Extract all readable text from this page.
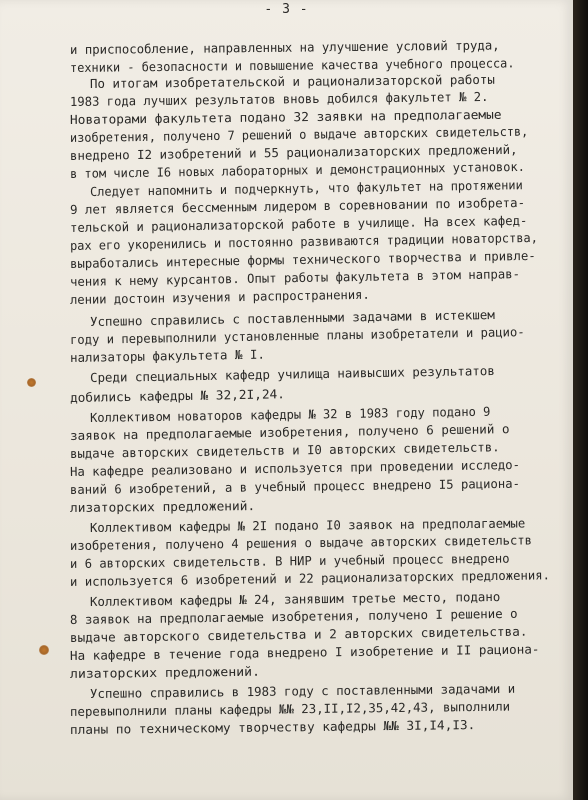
- 3 -
и приспособление, направленных на улучшение условий труда,
техники - безопасности и повышение качества учебного процесса.
По итогам изобретательской и рационализаторской работы
1983 года лучших результатов вновь добился факультет № 2.
Новаторами факультета подано 32 заявки на предполагаемые
изобретения, получено 7 решений о выдаче авторских свидетельств,
внедрено I2 изобретений и 55 рационализаторских предложений,
в том числе I6 новых лабораторных и демонстрационных установок.
Следует напомнить и подчеркнуть, что факультет на протяжении
9 лет является бессменным лидером в соревновании по изобрета-
тельской и рационализаторской работе в училище. На всех кафед-
рах его укоренились и постоянно развиваются традиции новаторства,
выработались интересные формы технического творчества и привле-
чения к нему курсантов. Опыт работы факультета в этом направ-
лении достоин изучения и распространения.
Успешно справились с поставленными задачами в истекшем
году и перевыполнили установленные планы изобретатели и рацио-
нализаторы факультета № I.
Среди специальных кафедр училища наивысших результатов
добились кафедры № 32,2I,24.
Коллективом новаторов кафедры № 32 в 1983 году подано 9
заявок на предполагаемые изобретения, получено 6 решений о
выдаче авторских свидетельств и I0 авторских свидетельств.
На кафедре реализовано и используется при проведении исследо-
ваний 6 изобретений, а в учебный процесс внедрено I5 рациона-
лизаторских предложений.
Коллективом кафедры № 2I подано I0 заявок на предполагаемые
изобретения, получено 4 решения о выдаче авторских свидетельств
и 6 авторских свидетельств. В НИР и учебный процесс внедрено
и используется 6 изобретений и 22 рационализаторских предложения.
Коллективом кафедры № 24, занявшим третье место, подано
8 заявок на предполагаемые изобретения, получено I решение о
выдаче авторского свидетельства и 2 авторских свидетельства.
На кафедре в течение года внедрено I изобретение и II рациона-
лизаторских предложений.
Успешно справились в 1983 году с поставленными задачами и
перевыполнили планы кафедры №№ 23,II,I2,35,42,43, выполнили
планы по техническому творчеству кафедры №№ 3I,I4,I3.
